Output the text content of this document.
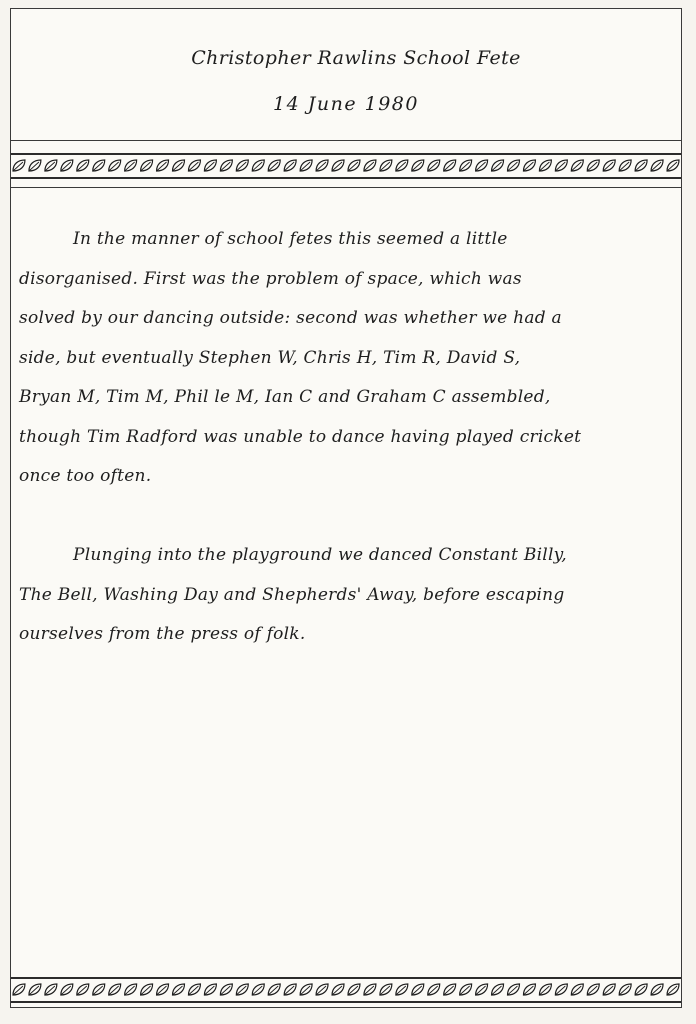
Christopher Rawlins School Fete
14 June 1980
In the manner of school fetes this seemed a little
disorganised. First was the problem of space, which was
solved by our dancing outside: second was whether we had a
side, but eventually Stephen W, Chris H, Tim R, David S,
Bryan M, Tim M, Phil le M, Ian C and Graham C assembled,
though Tim Radford was unable to dance having played cricket
once too often.
Plunging into the playground we danced Constant Billy,
The Bell, Washing Day and Shepherds' Away, before escaping
ourselves from the press of folk.
